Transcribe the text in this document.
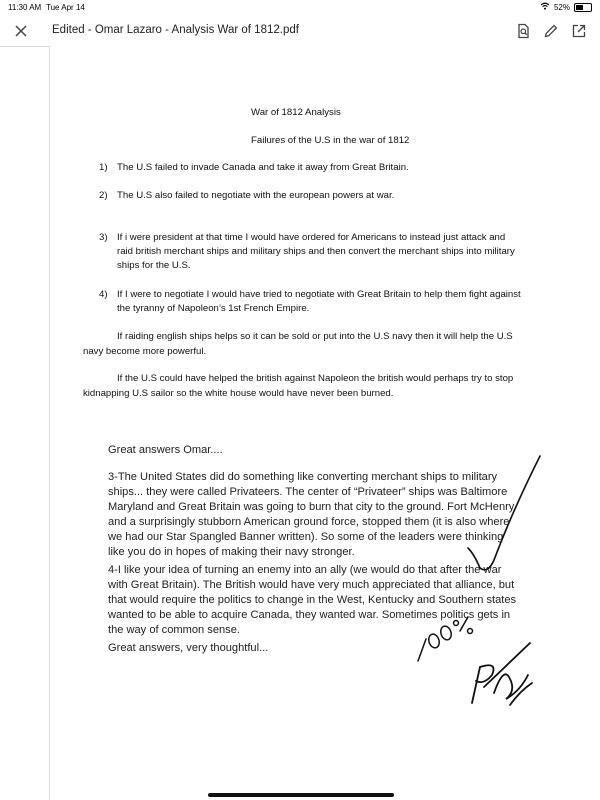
11:30 AM Tue Apr 14	52%
Edited - Omar Lazaro - Analysis War of 1812.pdf
War of 1812 Analysis
Failures of the U.S in the war of 1812
1) The U.S failed to invade Canada and take it away from Great Britain.
2) The U.S also failed to negotiate with the european powers at war.
3) If i were president at that time I would have ordered for Americans to instead just attack and raid british merchant ships and military ships and then convert the merchant ships into military ships for the U.S.
4) If I were to negotiate I would have tried to negotiate with Great Britain to help them fight against the tyranny of Napoleon’s 1st French Empire.
If raiding english ships helps so it can be sold or put into the U.S navy then it will help the U.S navy become more powerful.
If the U.S could have helped the british against Napoleon the british would perhaps try to stop kidnapping U.S sailor so the white house would have never been burned.
Great answers Omar....
3-The United States did do something like converting merchant ships to military ships... they were called Privateers. The center of “Privateer” ships was Baltimore Maryland and Great Britain was going to burn that city to the ground. Fort McHenry and a surprisingly stubborn American ground force, stopped them (it is also where we had our Star Spangled Banner written). So some of the leaders were thinking like you do in hopes of making their navy stronger.
4-I like your idea of turning an enemy into an ally (we would do that after the war with Great Britain). The British would have very much appreciated that alliance, but that would require the politics to change in the West, Kentucky and Southern states wanted to be able to acquire Canada, they wanted war. Sometimes politics gets in the way of common sense.
Great answers, very thoughtful...
